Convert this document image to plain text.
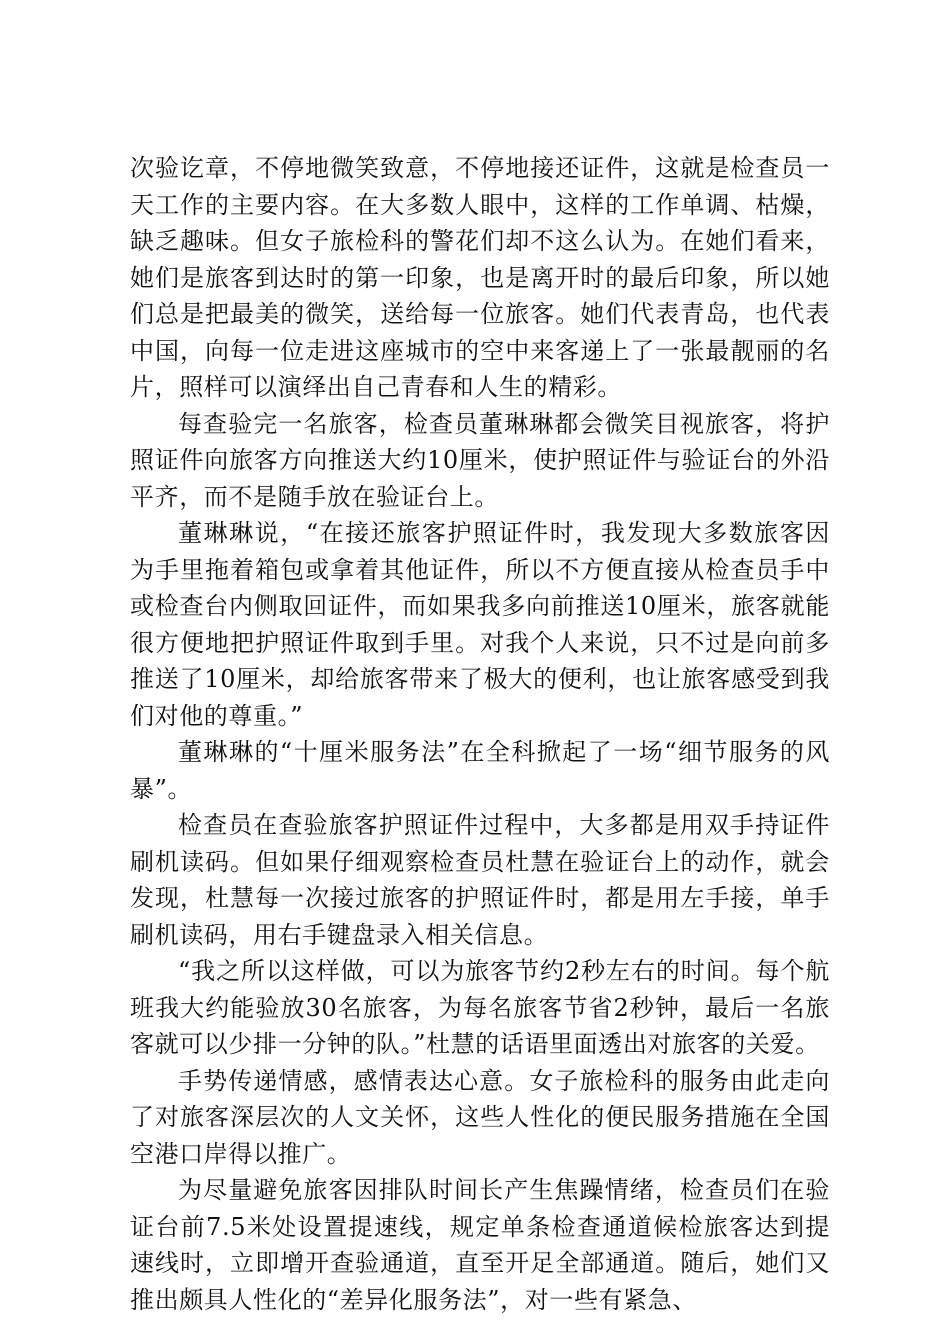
次验讫章，不停地微笑致意，不停地接还证件，这就是检查员一天工作的主要内容。在大多数人眼中，这样的工作单调、枯燥，缺乏趣味。但女子旅检科的警花们却不这么认为。在她们看来，她们是旅客到达时的第一印象，也是离开时的最后印象，所以她们总是把最美的微笑，送给每一位旅客。她们代表青岛，也代表中国，向每一位走进这座城市的空中来客递上了一张最靓丽的名片，照样可以演绎出自己青春和人生的精彩。

每查验完一名旅客，检查员董琳琳都会微笑目视旅客，将护照证件向旅客方向推送大约10厘米，使护照证件与验证台的外沿平齐，而不是随手放在验证台上。

董琳琳说，“在接还旅客护照证件时，我发现大多数旅客因为手里拖着箱包或拿着其他证件，所以不方便直接从检查员手中或检查台内侧取回证件，而如果我多向前推送10厘米，旅客就能很方便地把护照证件取到手里。对我个人来说，只不过是向前多推送了10厘米，却给旅客带来了极大的便利，也让旅客感受到我们对他的尊重。”

董琳琳的“十厘米服务法”在全科掀起了一场“细节服务的风暴”。

检查员在查验旅客护照证件过程中，大多都是用双手持证件刷机读码。但如果仔细观察检查员杜慧在验证台上的动作，就会发现，杜慧每一次接过旅客的护照证件时，都是用左手接，单手刷机读码，用右手键盘录入相关信息。

“我之所以这样做，可以为旅客节约2秒左右的时间。每个航班我大约能验放30名旅客，为每名旅客节省2秒钟，最后一名旅客就可以少排一分钟的队。”杜慧的话语里面透出对旅客的关爱。

手势传递情感，感情表达心意。女子旅检科的服务由此走向了对旅客深层次的人文关怀，这些人性化的便民服务措施在全国空港口岸得以推广。

为尽量避免旅客因排队时间长产生焦躁情绪，检查员们在验证台前7.5米处设置提速线，规定单条检查通道候检旅客达到提速线时，立即增开查验通道，直至开足全部通道。随后，她们又推出颇具人性化的“差异化服务法”，对一些有紧急、
